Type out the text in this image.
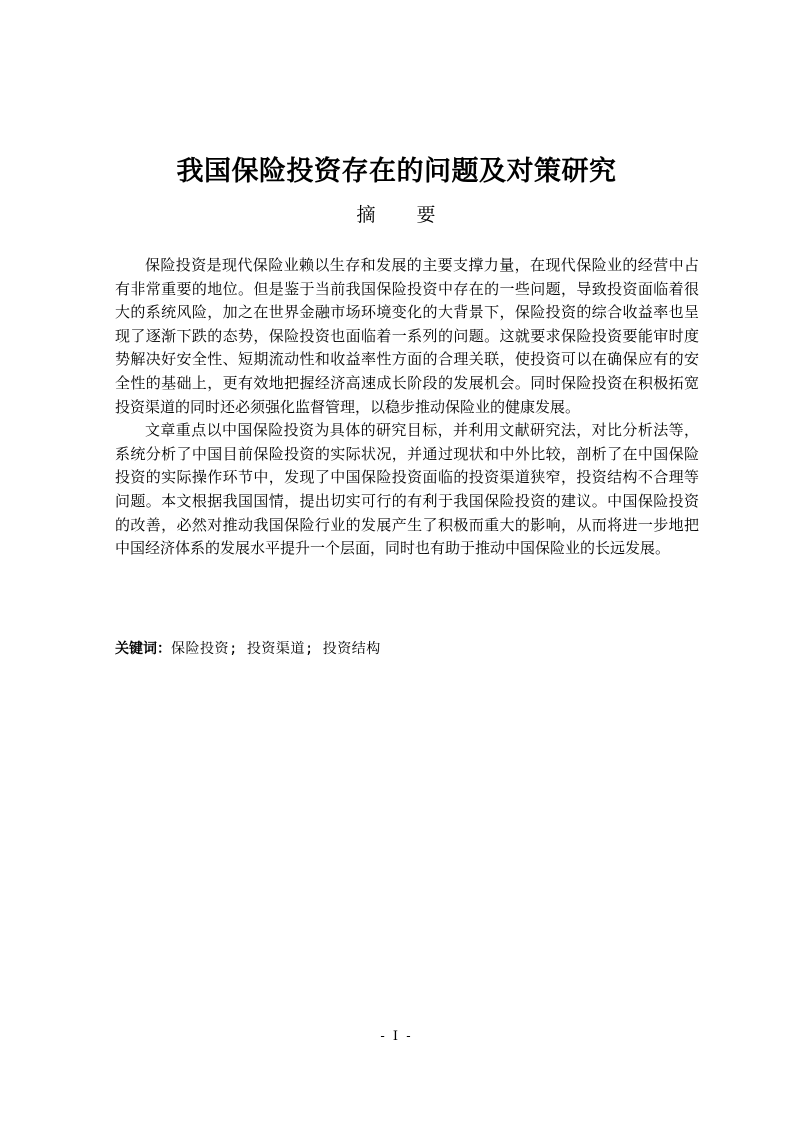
我国保险投资存在的问题及对策研究
摘 要

保险投资是现代保险业赖以生存和发展的主要支撑力量，在现代保险业的经营中占有非常重要的地位。但是鉴于当前我国保险投资中存在的一些问题，导致投资面临着很大的系统风险，加之在世界金融市场环境变化的大背景下，保险投资的综合收益率也呈现了逐渐下跌的态势，保险投资也面临着一系列的问题。这就要求保险投资要能审时度势解决好安全性、短期流动性和收益率性方面的合理关联，使投资可以在确保应有的安全性的基础上，更有效地把握经济高速成长阶段的发展机会。同时保险投资在积极拓宽投资渠道的同时还必须强化监督管理，以稳步推动保险业的健康发展。

文章重点以中国保险投资为具体的研究目标，并利用文献研究法，对比分析法等，系统分析了中国目前保险投资的实际状况，并通过现状和中外比较，剖析了在中国保险投资的实际操作环节中，发现了中国保险投资面临的投资渠道狭窄，投资结构不合理等问题。本文根据我国国情，提出切实可行的有利于我国保险投资的建议。中国保险投资的改善，必然对推动我国保险行业的发展产生了积极而重大的影响，从而将进一步地把中国经济体系的发展水平提升一个层面，同时也有助于推动中国保险业的长远发展。

关键词：保险投资; 投资渠道; 投资结构
- I -
